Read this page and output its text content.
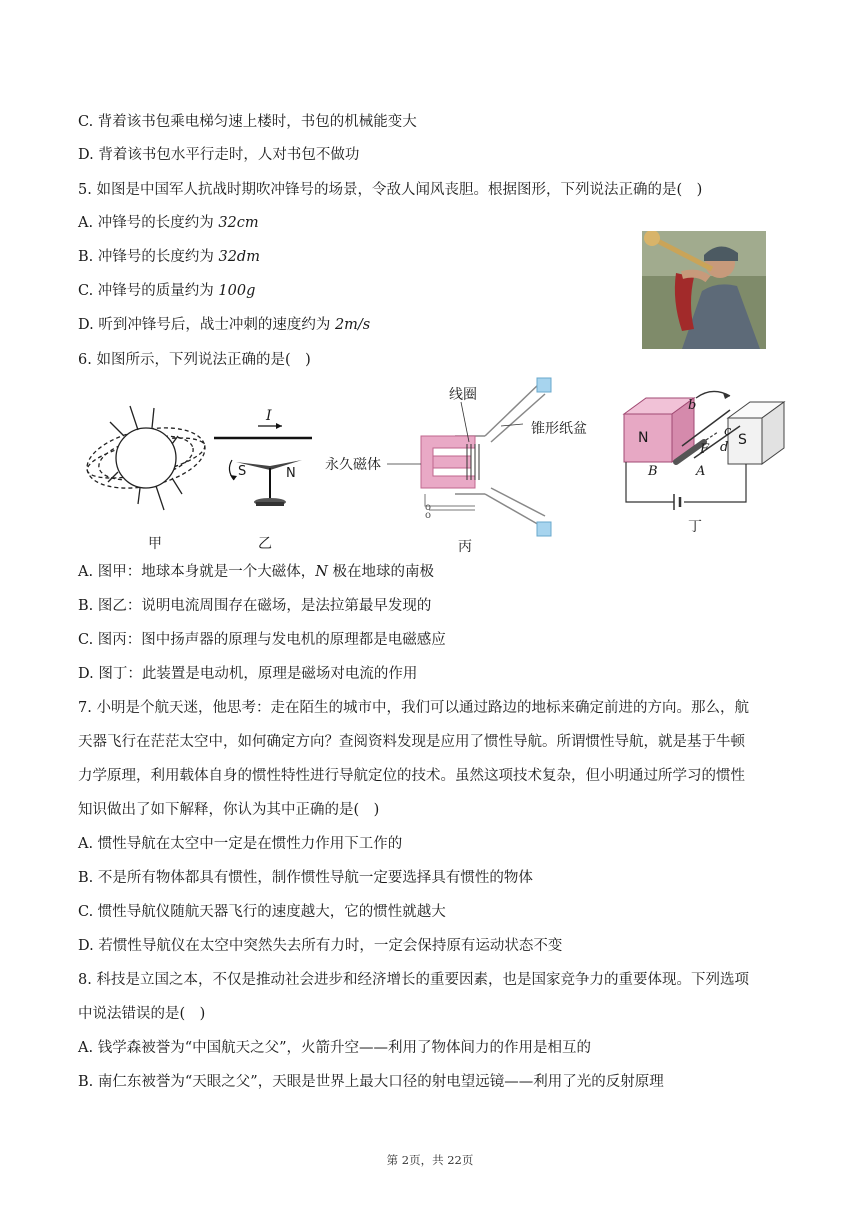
C. 背着该书包乘电梯匀速上楼时，书包的机械能变大
D. 背着该书包水平行走时，人对书包不做功
5. 如图是中国军人抗战时期吹冲锋号的场景，令敌人闻风丧胆。根据图形，下列说法正确的是(　)
A. 冲锋号的长度约为 32cm
B. 冲锋号的长度约为 32dm
C. 冲锋号的质量约为 100g
D. 听到冲锋号后，战士冲刺的速度约为 2m/s
6. 如图所示，下列说法正确的是(　)
甲
I
S	N
乙
o
o
线圈
锥形纸盆
永久磁体
丙
N	S
b
c
d
F
A
B
丁
A. 图甲：地球本身就是一个大磁体，N 极在地球的南极
B. 图乙：说明电流周围存在磁场，是法拉第最早发现的
C. 图丙：图中扬声器的原理与发电机的原理都是电磁感应
D. 图丁：此装置是电动机，原理是磁场对电流的作用
7. 小明是个航天迷，他思考：走在陌生的城市中，我们可以通过路边的地标来确定前进的方向。那么，航
天器飞行在茫茫太空中，如何确定方向？查阅资料发现是应用了惯性导航。所谓惯性导航，就是基于牛顿
力学原理，利用载体自身的惯性特性进行导航定位的技术。虽然这项技术复杂，但小明通过所学习的惯性
知识做出了如下解释，你认为其中正确的是(　)
A. 惯性导航在太空中一定是在惯性力作用下工作的
B. 不是所有物体都具有惯性，制作惯性导航一定要选择具有惯性的物体
C. 惯性导航仪随航天器飞行的速度越大，它的惯性就越大
D. 若惯性导航仪在太空中突然失去所有力时，一定会保持原有运动状态不变
8. 科技是立国之本，不仅是推动社会进步和经济增长的重要因素，也是国家竞争力的重要体现。下列选项
中说法错误的是(　)
A. 钱学森被誉为“中国航天之父”，火箭升空——利用了物体间力的作用是相互的
B. 南仁东被誉为“天眼之父”，天眼是世界上最大口径的射电望远镜——利用了光的反射原理
第 2页，共 22页
